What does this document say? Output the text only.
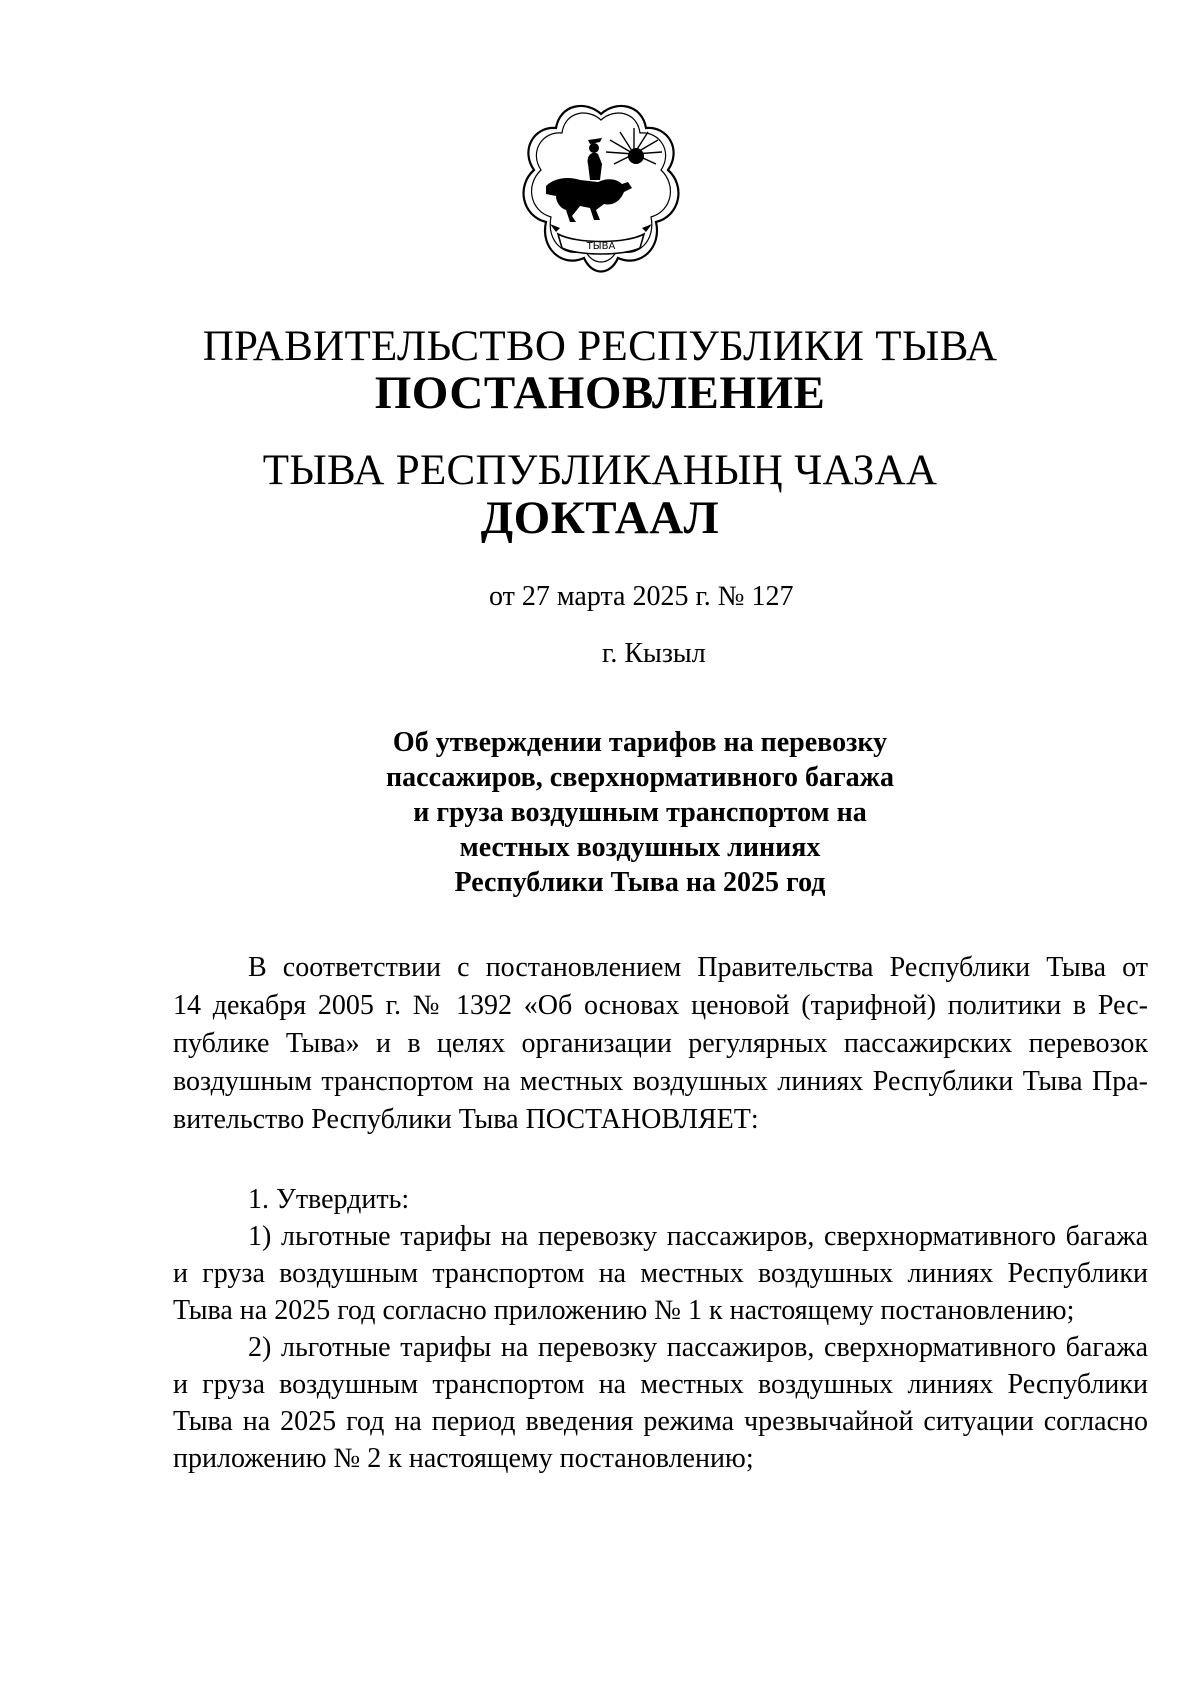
ТЫВА
ПРАВИТЕЛЬСТВО РЕСПУБЛИКИ ТЫВА
ПОСТАНОВЛЕНИЕ
ТЫВА РЕСПУБЛИКАНЫҢ ЧАЗАА
ДОКТААЛ
от 27 марта 2025 г. № 127
г. Кызыл
Об утверждении тарифов на перевозку
пассажиров, сверхнормативного багажа
и груза воздушным транспортом на
местных воздушных линиях
Республики Тыва на 2025 год
В соответствии с постановлением Правительства Республики Тыва от
14 декабря 2005 г. № 1392 «Об основах ценовой (тарифной) политики в Рес-
публике Тыва» и в целях организации регулярных пассажирских перевозок
воздушным транспортом на местных воздушных линиях Республики Тыва Пра-
вительство Республики Тыва ПОСТАНОВЛЯЕТ:
1. Утвердить:
1) льготные тарифы на перевозку пассажиров, сверхнормативного багажа
и груза воздушным транспортом на местных воздушных линиях Республики
Тыва на 2025 год согласно приложению № 1 к настоящему постановлению;
2) льготные тарифы на перевозку пассажиров, сверхнормативного багажа
и груза воздушным транспортом на местных воздушных линиях Республики
Тыва на 2025 год на период введения режима чрезвычайной ситуации согласно
приложению № 2 к настоящему постановлению;
